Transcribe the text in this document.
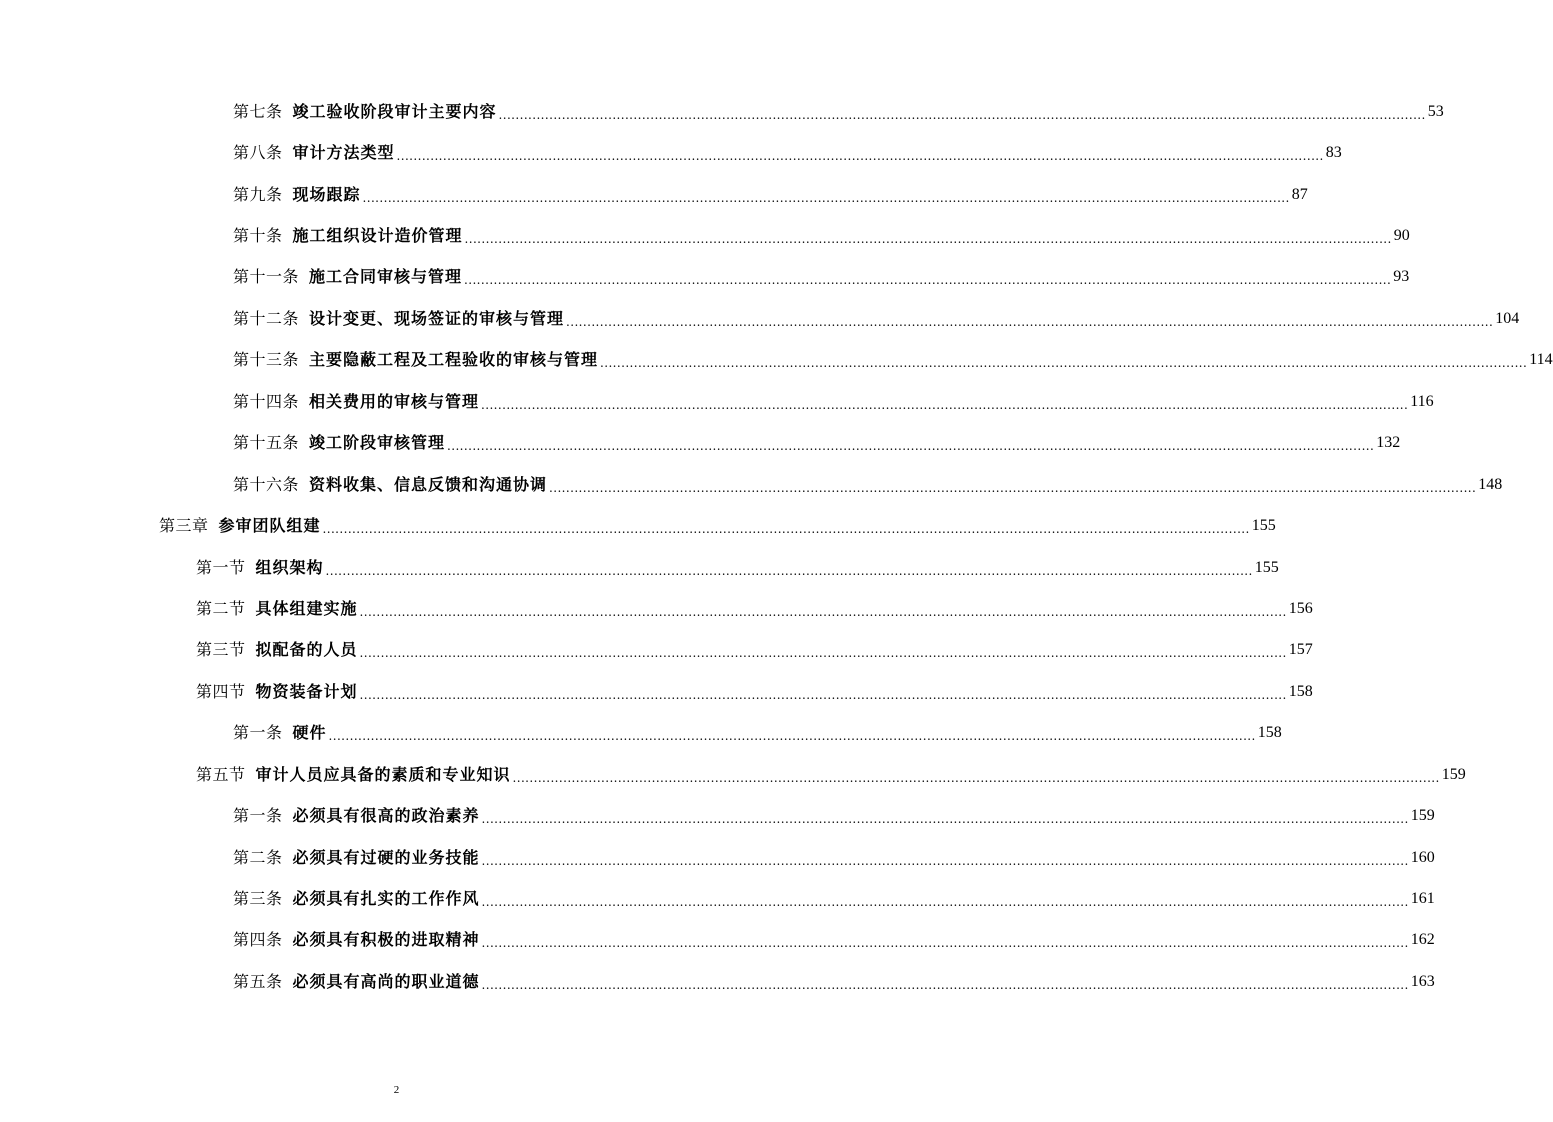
第七条 竣工验收阶段审计主要内容 ............................................................................................................................................................................................................................ 53
第八条 审计方法类型 ............................................................................................................................................................................................................................ 83
第九条 现场跟踪 ............................................................................................................................................................................................................................ 87
第十条 施工组织设计造价管理 ............................................................................................................................................................................................................................ 90
第十一条 施工合同审核与管理 ............................................................................................................................................................................................................................ 93
第十二条 设计变更、现场签证的审核与管理 ............................................................................................................................................................................................................................ 104
第十三条 主要隐蔽工程及工程验收的审核与管理 ............................................................................................................................................................................................................................ 114
第十四条 相关费用的审核与管理 ............................................................................................................................................................................................................................ 116
第十五条 竣工阶段审核管理 ............................................................................................................................................................................................................................ 132
第十六条 资料收集、信息反馈和沟通协调 ............................................................................................................................................................................................................................ 148
第三章 参审团队组建 ............................................................................................................................................................................................................................ 155
第一节 组织架构 ............................................................................................................................................................................................................................ 155
第二节 具体组建实施 ............................................................................................................................................................................................................................ 156
第三节 拟配备的人员 ............................................................................................................................................................................................................................ 157
第四节 物资装备计划 ............................................................................................................................................................................................................................ 158
第一条 硬件 ............................................................................................................................................................................................................................ 158
第五节 审计人员应具备的素质和专业知识 ............................................................................................................................................................................................................................ 159
第一条 必须具有很高的政治素养 ............................................................................................................................................................................................................................ 159
第二条 必须具有过硬的业务技能 ............................................................................................................................................................................................................................ 160
第三条 必须具有扎实的工作作风 ............................................................................................................................................................................................................................ 161
第四条 必须具有积极的进取精神 ............................................................................................................................................................................................................................ 162
第五条 必须具有高尚的职业道德 ............................................................................................................................................................................................................................ 163
2
